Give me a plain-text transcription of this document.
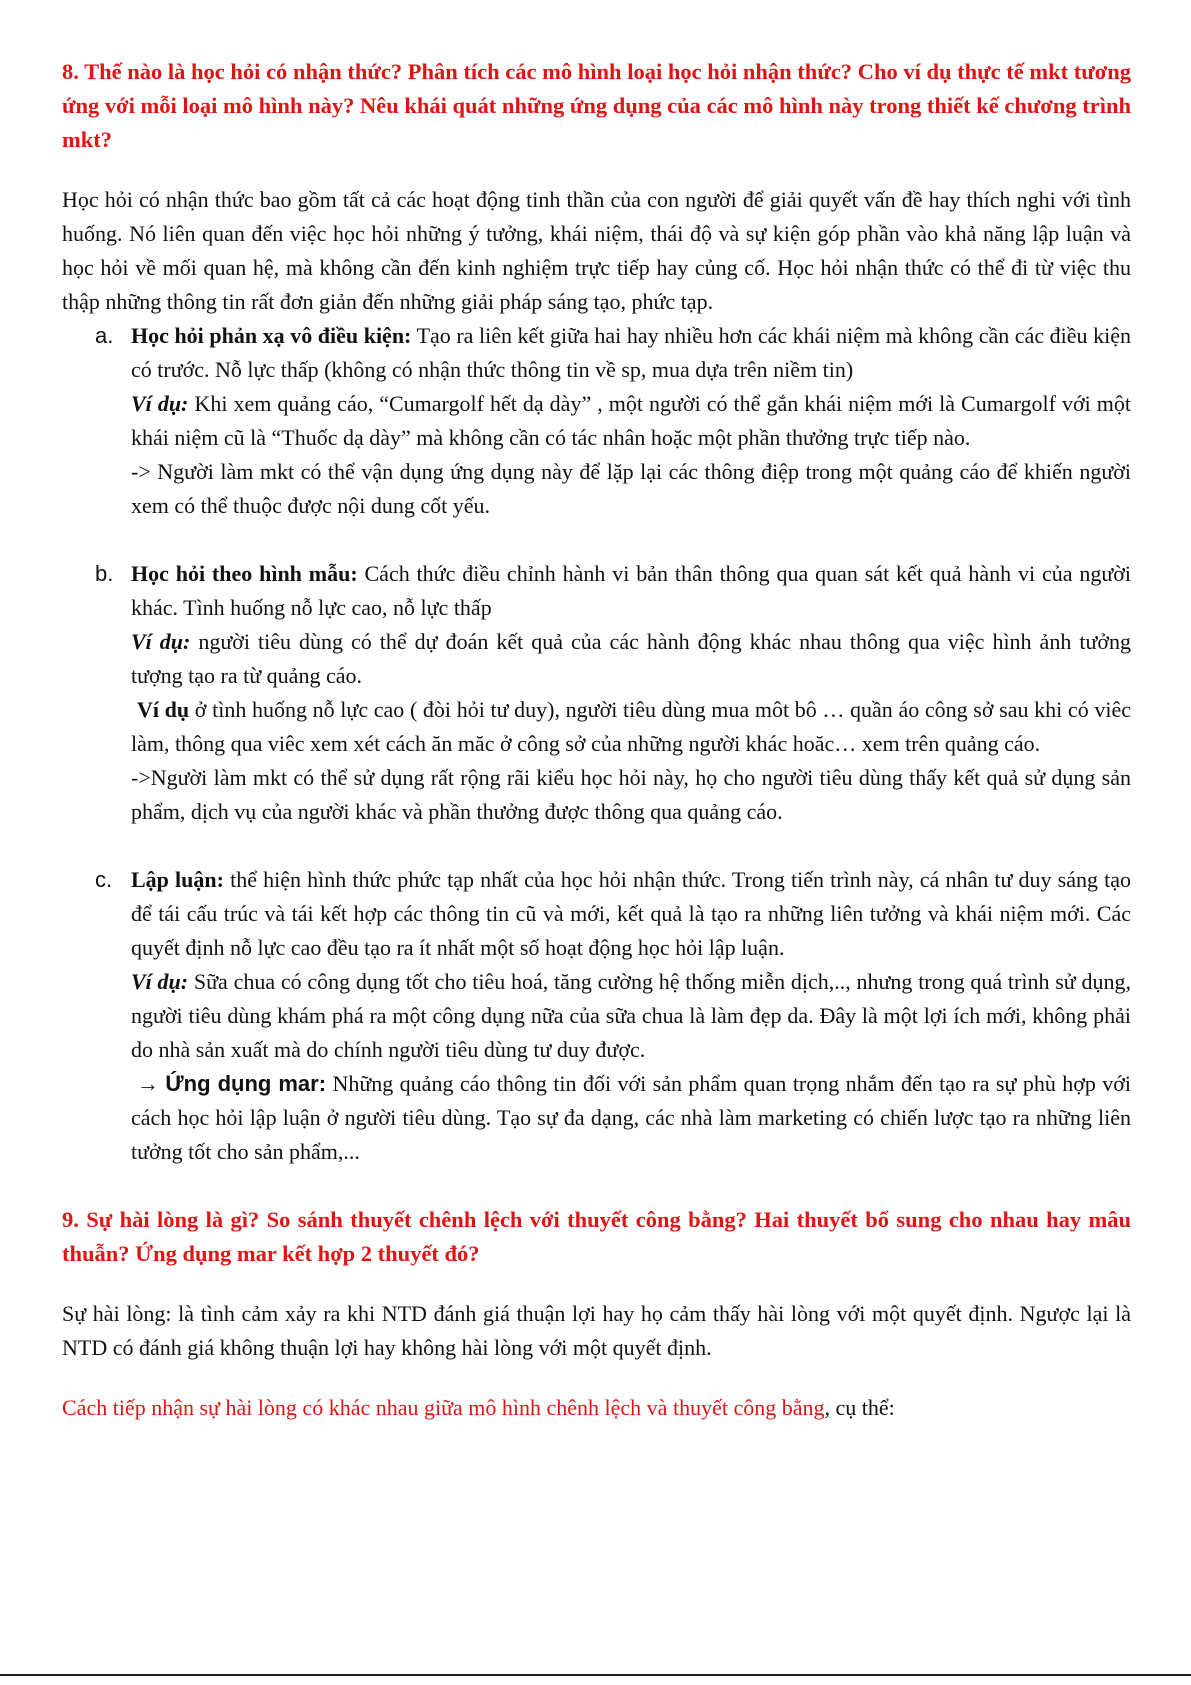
8. Thế nào là học hỏi có nhận thức? Phân tích các mô hình loại học hỏi nhận thức? Cho ví dụ thực tế mkt tương ứng với mỗi loại mô hình này? Nêu khái quát những ứng dụng của các mô hình này trong thiết kế chương trình mkt?

Học hỏi có nhận thức bao gồm tất cả các hoạt động tinh thần của con người để giải quyết vấn đề hay thích nghi với tình huống. Nó liên quan đến việc học hỏi những ý tưởng, khái niệm, thái độ và sự kiện góp phần vào khả năng lập luận và học hỏi về mối quan hệ, mà không cần đến kinh nghiệm trực tiếp hay củng cố. Học hỏi nhận thức có thể đi từ việc thu thập những thông tin rất đơn giản đến những giải pháp sáng tạo, phức tạp.

a. Học hỏi phản xạ vô điều kiện: Tạo ra liên kết giữa hai hay nhiều hơn các khái niệm mà không cần các điều kiện có trước. Nỗ lực thấp (không có nhận thức thông tin về sp, mua dựa trên niềm tin)

Ví dụ: Khi xem quảng cáo, “Cumargolf hết dạ dày” , một người có thể gắn khái niệm mới là Cumargolf với một khái niệm cũ là “Thuốc dạ dày” mà không cần có tác nhân hoặc một phần thưởng trực tiếp nào.

-> Người làm mkt có thể vận dụng ứng dụng này để lặp lại các thông điệp trong một quảng cáo để khiến người xem có thể thuộc được nội dung cốt yếu.

b. Học hỏi theo hình mẫu: Cách thức điều chỉnh hành vi bản thân thông qua quan sát kết quả hành vi của người khác. Tình huống nỗ lực cao, nỗ lực thấp

Ví dụ: người tiêu dùng có thể dự đoán kết quả của các hành động khác nhau thông qua việc hình ảnh tưởng tượng tạo ra từ quảng cáo.

Ví dụ ở tình huống nỗ lực cao ( đòi hỏi tư duy), người tiêu dùng mua môt bô … quần áo công sở sau khi có viêc làm, thông qua viêc xem xét cách ăn măc ở công sở của những người khác hoăc… xem trên quảng cáo.

->Người làm mkt có thể sử dụng rất rộng rãi kiểu học hỏi này, họ cho người tiêu dùng thấy kết quả sử dụng sản phẩm, dịch vụ của người khác và phần thưởng được thông qua quảng cáo.

c. Lập luận: thể hiện hình thức phức tạp nhất của học hỏi nhận thức. Trong tiến trình này, cá nhân tư duy sáng tạo để tái cấu trúc và tái kết hợp các thông tin cũ và mới, kết quả là tạo ra những liên tưởng và khái niệm mới. Các quyết định nỗ lực cao đều tạo ra ít nhất một số hoạt động học hỏi lập luận.

Ví dụ: Sữa chua có công dụng tốt cho tiêu hoá, tăng cường hệ thống miễn dịch,.., nhưng trong quá trình sử dụng, người tiêu dùng khám phá ra một công dụng nữa của sữa chua là làm đẹp da. Đây là một lợi ích mới, không phải do nhà sản xuất mà do chính người tiêu dùng tư duy được.

→ Ứng dụng mar: Những quảng cáo thông tin đối với sản phẩm quan trọng nhắm đến tạo ra sự phù hợp với cách học hỏi lập luận ở người tiêu dùng. Tạo sự đa dạng, các nhà làm marketing có chiến lược tạo ra những liên tưởng tốt cho sản phẩm,...

9. Sự hài lòng là gì? So sánh thuyết chênh lệch với thuyết công bằng? Hai thuyết bổ sung cho nhau hay mâu thuẫn? Ứng dụng mar kết hợp 2 thuyết đó?

Sự hài lòng: là tình cảm xảy ra khi NTD đánh giá thuận lợi hay họ cảm thấy hài lòng với một quyết định. Ngược lại là NTD có đánh giá không thuận lợi hay không hài lòng với một quyết định.

Cách tiếp nhận sự hài lòng có khác nhau giữa mô hình chênh lệch và thuyết công bằng, cụ thể:
